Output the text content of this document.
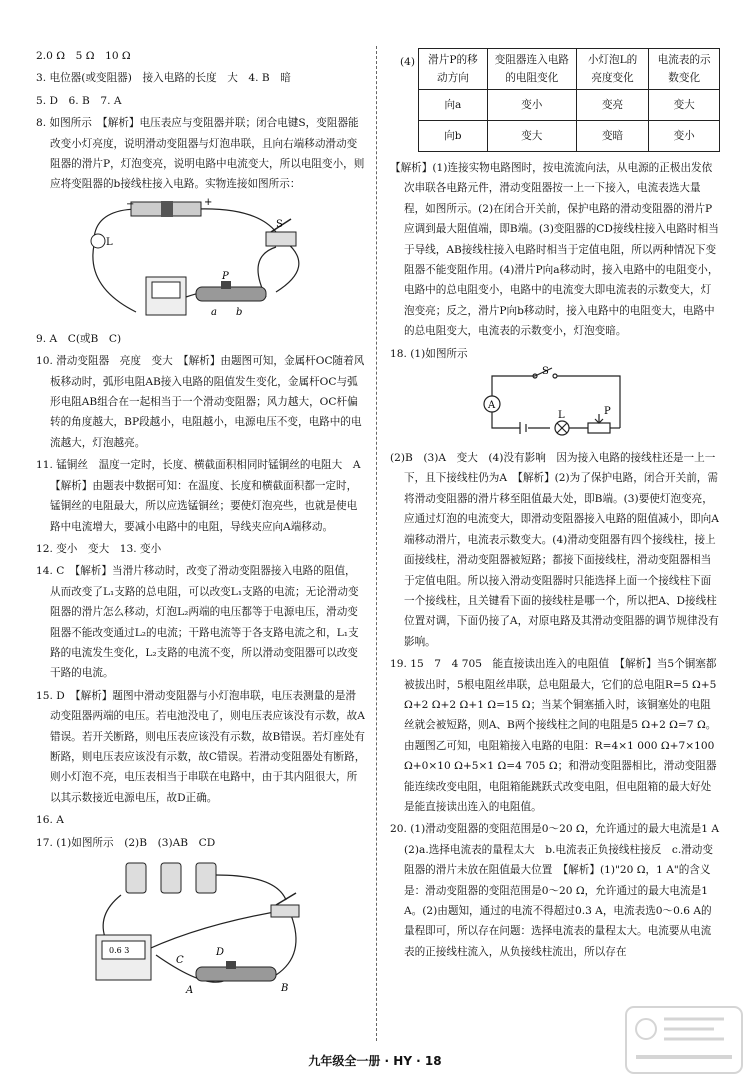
2.0 Ω　5 Ω　10 Ω

3. 电位器(或变阻器)　接入电路的长度　大　4. B　暗

5. D　6. B　7. A

8. 如图所示　【解析】电压表应与变阻器并联；闭合电键S，变阻器能改变小灯亮度，说明滑动变阻器与灯泡串联，且向右端移动滑动变阻器的滑片P，灯泡变亮，说明电路中电流变大，所以电阻变小，则应将变阻器的b接线柱接入电路。实物连接如图所示：

L
S
P
a b
+
−

9. A　C(或B　C)

10. 滑动变阻器　亮度　变大　【解析】由题图可知，金属杆OC随着风板移动时，弧形电阻AB接入电路的阻值发生变化，金属杆OC与弧形电阻AB组合在一起相当于一个滑动变阻器；风力越大，OC杆偏转的角度越大，BP段越小，电阻越小，电源电压不变，电路中的电流越大，灯泡越亮。

11. 锰铜丝　温度一定时，长度、横截面积相同时锰铜丝的电阻大　A　【解析】由题表中数据可知：在温度、长度和横截面积都一定时，锰铜丝的电阻最大，所以应选锰铜丝；要使灯泡亮些，也就是使电路中电流增大，要减小电路中的电阻，导线夹应向A端移动。

12. 变小　变大　13. 变小

14. C　【解析】当滑片移动时，改变了滑动变阻器接入电路的阻值，从而改变了L₁支路的总电阻，可以改变L₁支路的电流；无论滑动变阻器的滑片怎么移动，灯泡L₂两端的电压都等于电源电压，滑动变阻器不能改变通过L₂的电流；干路电流等于各支路电流之和，L₁支路的电流发生变化，L₂支路的电流不变，所以滑动变阻器可以改变干路的电流。

15. D　【解析】题图中滑动变阻器与小灯泡串联，电压表测量的是滑动变阻器两端的电压。若电池没电了，则电压表应该没有示数，故A错误。若开关断路，则电压表应该没有示数，故B错误。若灯座处有断路，则电压表应该没有示数，故C错误。若滑动变阻器处有断路，则小灯泡不亮，电压表相当于串联在电路中，由于其内阻很大，所以其示数接近电源电压，故D正确。

16. A

17. (1)如图所示　(2)B　(3)AB　CD

0.6 3
C
D
A	B
(4) 滑片P的移动方向	变阻器连入电路的电阻变化	小灯泡L的亮度变化	电流表的示数变化
向a	变小	变亮	变大
向b	变大	变暗	变小

【解析】(1)连接实物电路图时，按电流流向法，从电源的正极出发依次串联各电路元件，滑动变阻器按一上一下接入，电流表选大量程，如图所示。(2)在闭合开关前，保护电路的滑动变阻器的滑片P应调到最大阻值端，即B端。(3)变阻器的CD接线柱接入电路时相当于导线，AB接线柱接入电路时相当于定值电阻，所以两种情况下变阻器不能变阻作用。(4)滑片P向a移动时，接入电路中的电阻变小，电路中的总电阻变小，电路中的电流变大即电流表的示数变大，灯泡变亮；反之，滑片P向b移动时，接入电路中的电阻变大，电路中的总电阻变大，电流表的示数变小，灯泡变暗。

18. (1)如图所示

A
S
L	P

(2)B　(3)A　变大　(4)没有影响　因为接入电路的接线柱还是一上一下，且下接线柱仍为A　【解析】(2)为了保护电路，闭合开关前，需将滑动变阻器的滑片移至阻值最大处，即B端。(3)要使灯泡变亮，应通过灯泡的电流变大，即滑动变阻器接入电路的阻值减小，即向A端移动滑片，电流表示数变大。(4)滑动变阻器有四个接线柱，接上面接线柱，滑动变阻器被短路；都接下面接线柱，滑动变阻器相当于定值电阻。所以接入滑动变阻器时只能选择上面一个接线柱下面一个接线柱，且关键看下面的接线柱是哪一个，所以把A、D接线柱位置对调，下面仍接了A，对原电路及其滑动变阻器的调节规律没有影响。

19. 15　7　4 705　能直接读出连入的电阻值　【解析】当5个铜塞都被拔出时，5根电阻丝串联，总电阻最大，它们的总电阻R=5 Ω+5 Ω+2 Ω+2 Ω+1 Ω=15 Ω；当某个铜塞插入时，该铜塞处的电阻丝就会被短路，则A、B两个接线柱之间的电阻是5 Ω+2 Ω=7 Ω。由题图乙可知，电阻箱接入电路的电阻：R=4×1 000 Ω+7×100 Ω+0×10 Ω+5×1 Ω=4 705 Ω；和滑动变阻器相比，滑动变阻器能连续改变电阻，电阻箱能跳跃式改变电阻，但电阻箱的最大好处是能直接读出连入的电阻值。

20. (1)滑动变阻器的变阻范围是0～20 Ω，允许通过的最大电流是1 A　(2)a.选择电流表的量程太大　b.电流表正负接线柱接反　c.滑动变阻器的滑片未放在阻值最大位置　【解析】(1)"20 Ω，1 A"的含义是：滑动变阻器的变阻范围是0～20 Ω，允许通过的最大电流是1 A。(2)由题知，通过的电流不得超过0.3 A，电流表选0～0.6 A的量程即可，所以存在问题：选择电流表的量程太大。电流要从电流表的正接线柱流入，从负接线柱流出，所以存在

九年级全一册 · HY · 18
